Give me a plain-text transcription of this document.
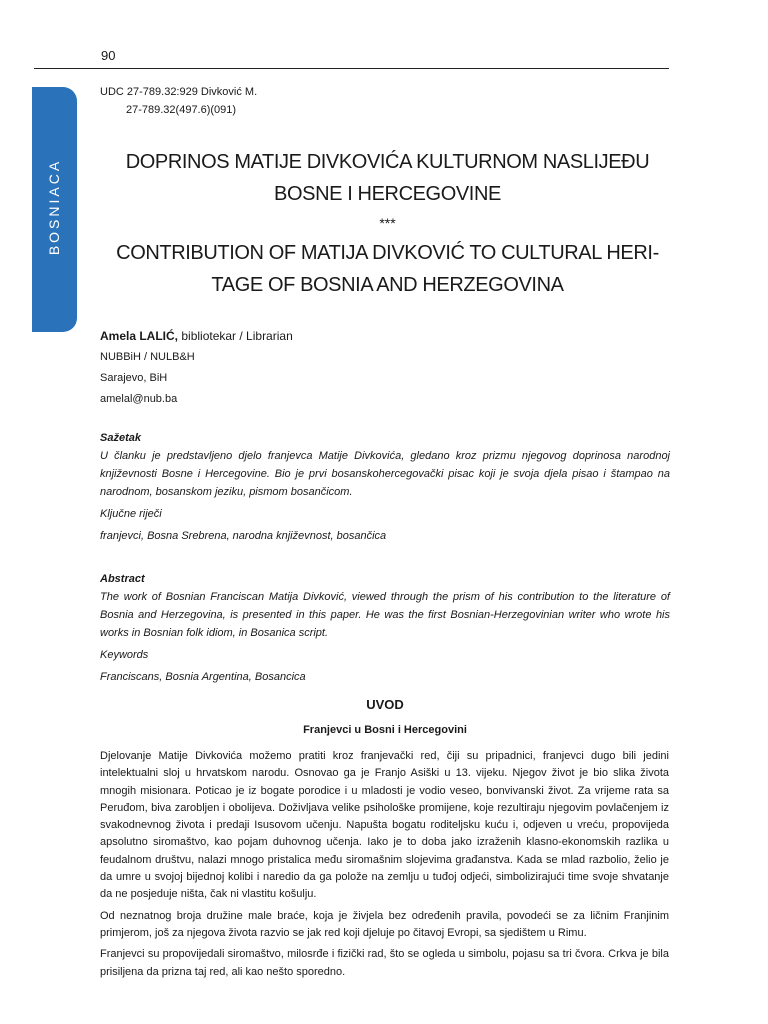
90
BOSNIACA
UDC 27-789.32:929 Divković M.
27-789.32(497.6)(091)
DOPRINOS MATIJE DIVKOVIĆA KULTURNOM NASLIJEĐU
BOSNE I HERCEGOVINE
***
CONTRIBUTION OF MATIJA DIVKOVIĆ TO CULTURAL HERI-
TAGE OF BOSNIA AND HERZEGOVINA
Amela LALIĆ, bibliotekar / Librarian
NUBBiH / NULB&H
Sarajevo, BiH
amelal@nub.ba
Sažetak
U članku je predstavljeno djelo franjevca Matije Divkovića, gledano kroz prizmu njegovog doprinosa narodnoj književnosti Bosne i Hercegovine. Bio je prvi bosanskohercegovački pisac koji je svoja djela pisao i štampao na narodnom, bosanskom jeziku, pismom bosančicom.
Ključne riječi
franjevci, Bosna Srebrena, narodna književnost, bosančica
Abstract
The work of Bosnian Franciscan Matija Divković, viewed through the prism of his contribution to the literature of Bosnia and Herzegovina, is presented in this paper. He was the first Bosnian-Herzegovinian writer who wrote his works in Bosnian folk idiom, in Bosanica script.
Keywords
Franciscans, Bosnia Argentina, Bosancica
UVOD
Franjevci u Bosni i Hercegovini

Djelovanje Matije Divkovića možemo pratiti kroz franjevački red, čiji su pripadnici, franjevci dugo bili jedini intelektualni sloj u hrvatskom narodu. Osnovao ga je Franjo Asiški u 13. vijeku. Njegov život je bio slika života mnogih misionara. Poticao je iz bogate porodice i u mladosti je vodio veseo, bonvivanski život. Za vrijeme rata sa Peruđom, biva zarobljen i obolijeva. Doživljava velike psihološke promijene, koje rezultiraju njegovim povlačenjem iz svakodnevnog života i predaji Isusovom učenju. Napušta bogatu roditeljsku kuću i, odjeven u vreću, propovijeda apsolutno siromaštvo, kao pojam duhovnog učenja. Iako je to doba jako izraženih klasno-ekonomskih razlika u feudalnom društvu, nalazi mnogo pristalica među siromašnim slojevima građanstva. Kada se mlad razbolio, želio je da umre u svojoj bijednoj kolibi i naredio da ga polože na zemlju u tuđoj odjeći, simbolizirajući time svoje shvatanje da ne posjeduje ništa, čak ni vlastitu košulju.

Od neznatnog broja družine male braće, koja je živjela bez određenih pravila, povodeći se za ličnim Franjinim primjerom, još za njegova života razvio se jak red koji djeluje po čitavoj Evropi, sa sjedištem u Rimu.

Franjevci su propovijedali siromaštvo, milosrđe i fizički rad, što se ogleda u simbolu, pojasu sa tri čvora. Crkva je bila prisiljena da prizna taj red, ali kao nešto sporedno.
